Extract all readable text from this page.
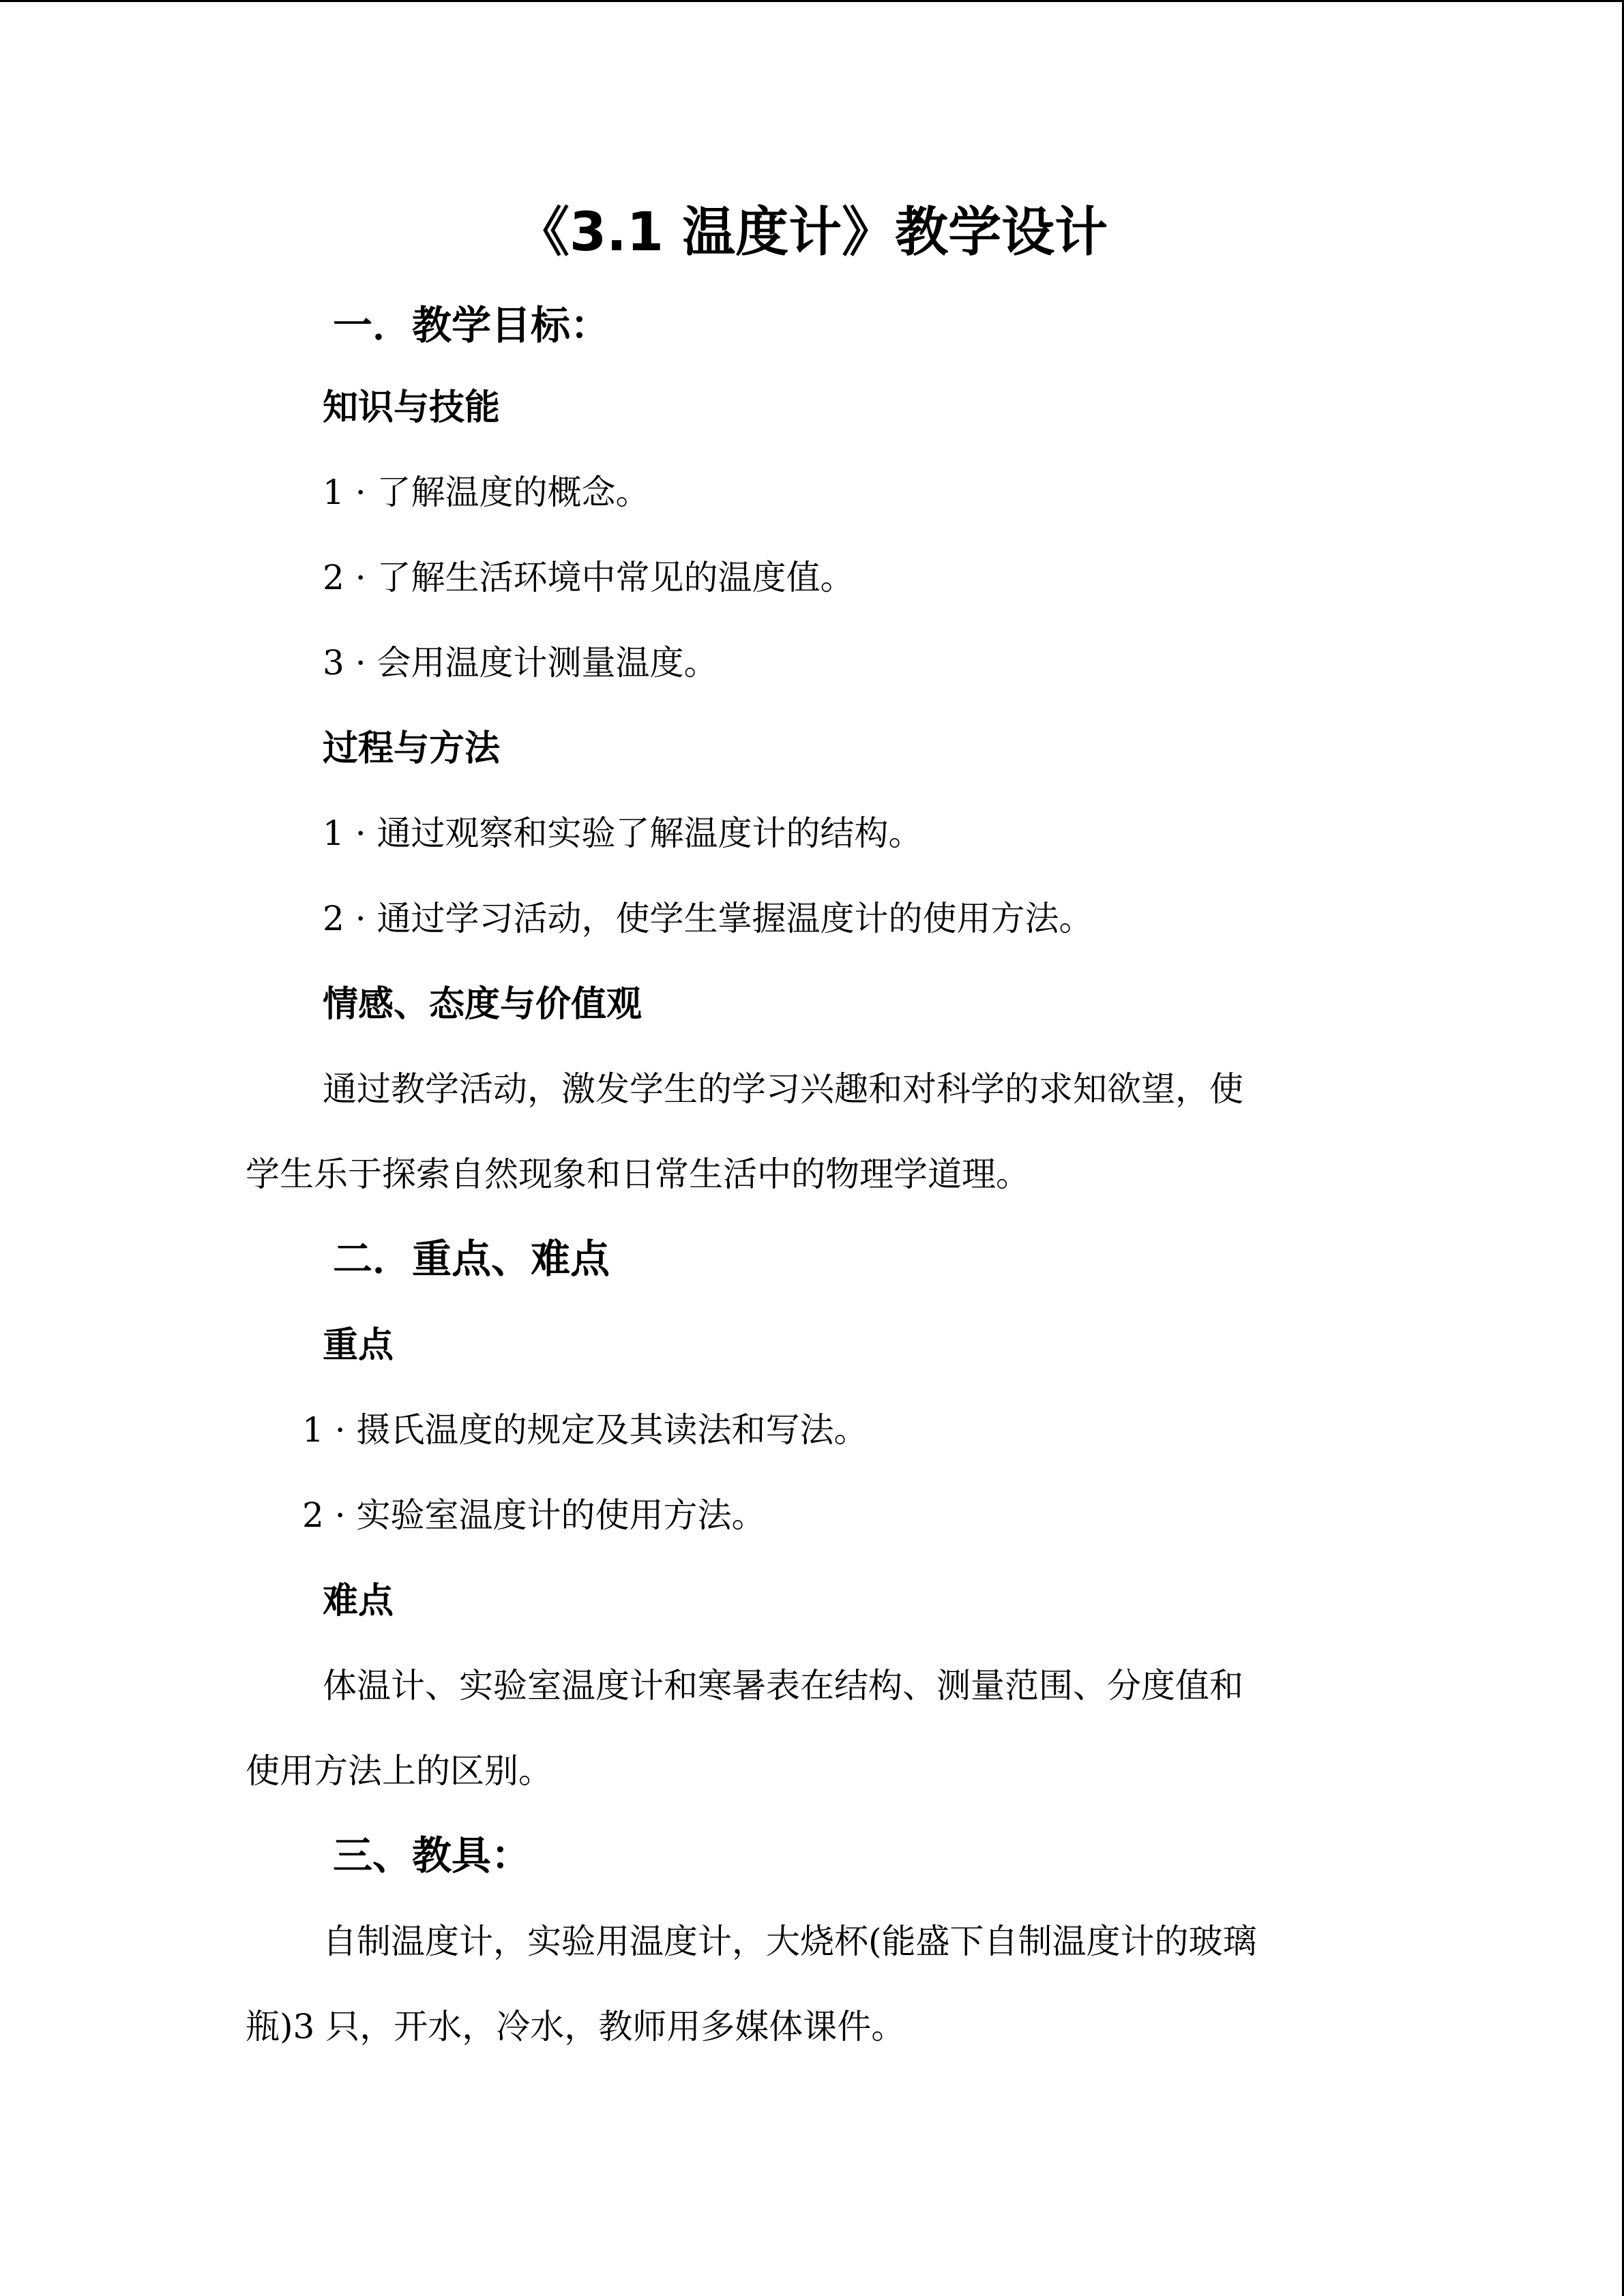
《3.1 温度计》教学设计
一．教学目标：
知识与技能
1 · 了解温度的概念。
2 · 了解生活环境中常见的温度值。
3 · 会用温度计测量温度。
过程与方法
1 · 通过观察和实验了解温度计的结构。
2 · 通过学习活动，使学生掌握温度计的使用方法。
情感、态度与价值观
通过教学活动，激发学生的学习兴趣和对科学的求知欲望，使
学生乐于探索自然现象和日常生活中的物理学道理。
二．重点、难点
重点
1 · 摄氏温度的规定及其读法和写法。
2 · 实验室温度计的使用方法。
难点
体温计、实验室温度计和寒暑表在结构、测量范围、分度值和
使用方法上的区别。
三、教具：
自制温度计，实验用温度计，大烧杯(能盛下自制温度计的玻璃
瓶)3 只，开水，冷水，教师用多媒体课件。
